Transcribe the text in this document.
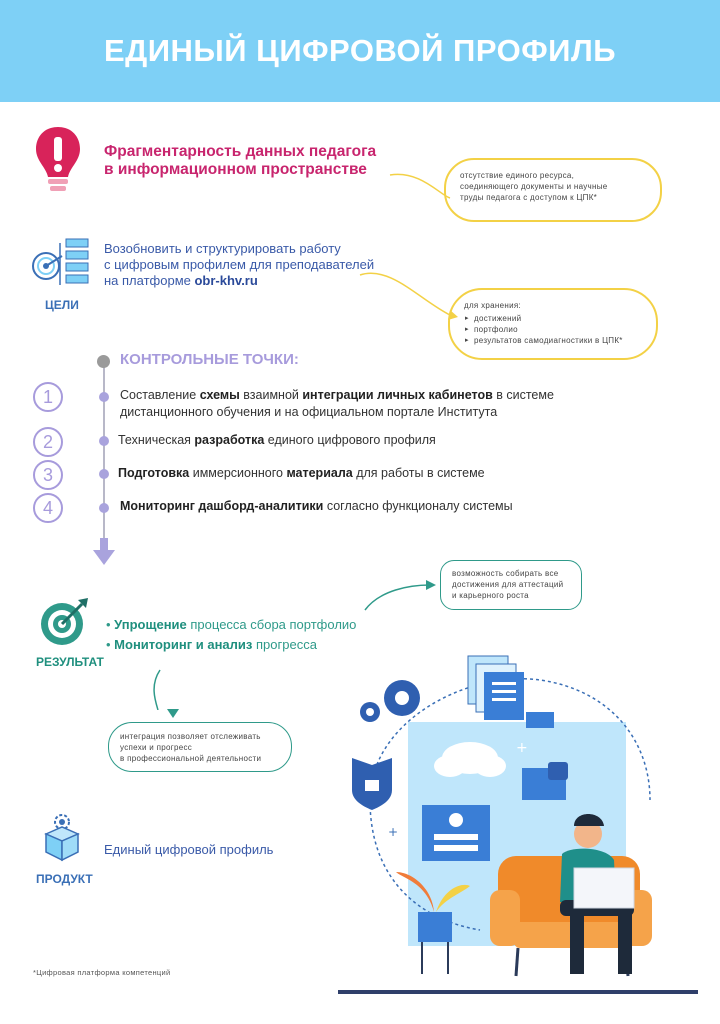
ЕДИНЫЙ ЦИФРОВОЙ ПРОФИЛЬ
Фрагментарность данных педагога
в информационном пространстве	отсутствие единого ресурса,
соединяющего документы и научные
труды педагога с доступом к ЦПК*
ЦЕЛИ
Возобновить и структурировать работу
с цифровым профилем для преподавателей
на платформе obr-khv.ru
для хранения:
▸ достижений
▸ портфолио
▸ результатов самодиагностики в ЦПК*
КОНТРОЛЬНЫЕ ТОЧКИ:
1	Составление схемы взаимной интеграции личных кабинетов в системе
дистанционного обучения и на официальном портале Института
2	Техническая разработка единого цифрового профиля
3	Подготовка иммерсионного материала для работы в системе
4	Мониторинг дашборд-аналитики согласно функционалу системы
РЕЗУЛЬТАТ
• Упрощение процесса сбора портфолио
• Мониторинг и анализ прогресса
возможность собирать все
достижения для аттестаций
и карьерного роста
интеграция позволяет отслеживать
успехи и прогресс
в профессиональной деятельности
ПРОДУКТ
Единый цифровой профиль
*Цифровая платформа компетенций
+
+
